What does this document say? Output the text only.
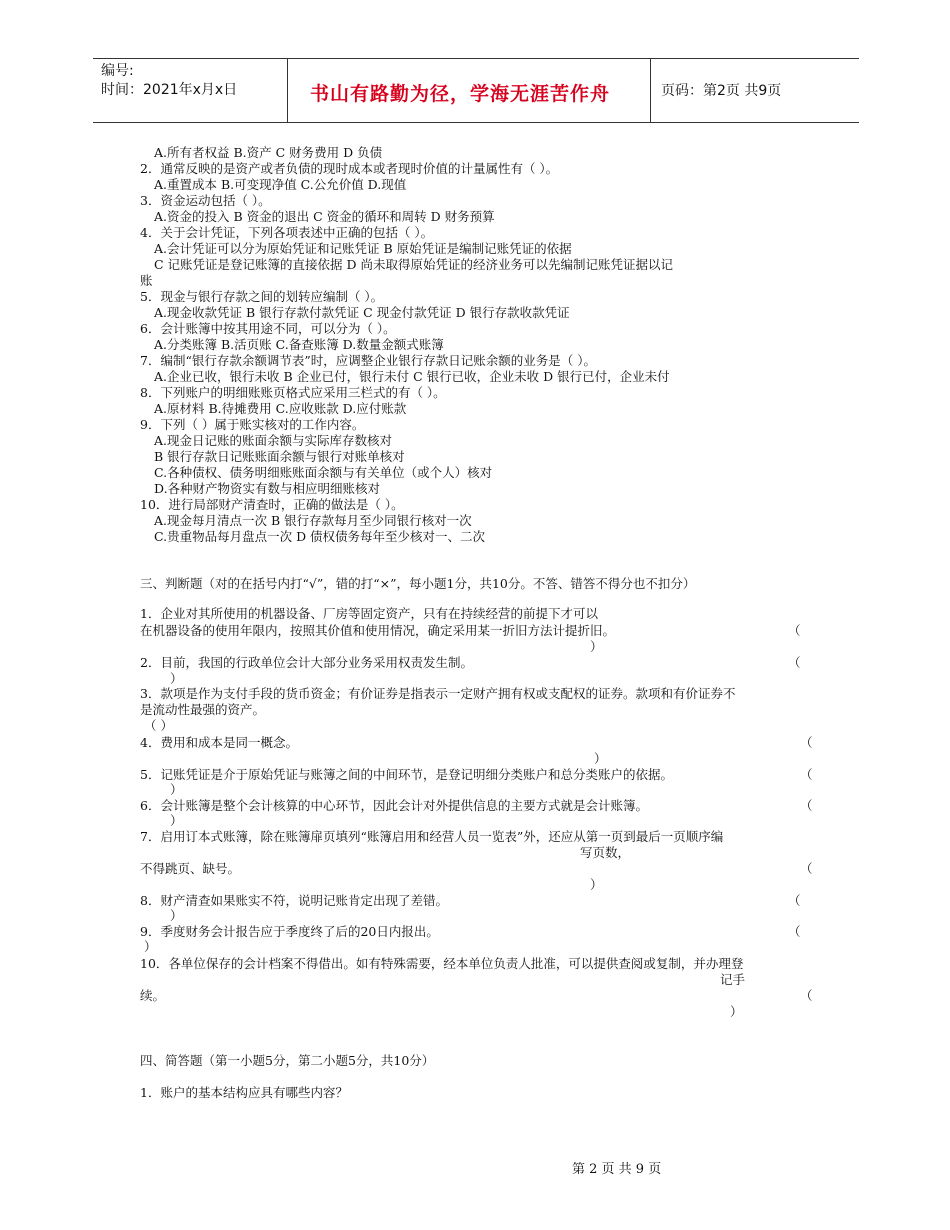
编号:
时间：2021年x月x日	书山有路勤为径，学海无涯苦作舟	页码：第2页 共9页
A.所有者权益 B.资产 C 财务费用 D 负债
2．通常反映的是资产或者负债的现时成本或者现时价值的计量属性有（ ）。
A.重置成本 B.可变现净值 C.公允价值 D.现值
3．资金运动包括（ ）。
A.资金的投入 B 资金的退出 C 资金的循环和周转 D 财务预算
4．关于会计凭证，下列各项表述中正确的包括（ ）。
A.会计凭证可以分为原始凭证和记账凭证 B 原始凭证是编制记账凭证的依据
C 记账凭证是登记账簿的直接依据 D 尚未取得原始凭证的经济业务可以先编制记账凭证据以记
账
5．现金与银行存款之间的划转应编制（ ）。
A.现金收款凭证 B 银行存款付款凭证 C 现金付款凭证 D 银行存款收款凭证
6．会计账簿中按其用途不同，可以分为（ ）。
A.分类账簿 B.活页账 C.备查账簿 D.数量金额式账簿
7．编制“银行存款余额调节表”时，应调整企业银行存款日记账余额的业务是（ ）。
A.企业已收，银行未收 B 企业已付，银行未付 C 银行已收，企业未收 D 银行已付，企业未付
8．下列账户的明细账账页格式应采用三栏式的有（ ）。
A.原材料 B.待摊费用 C.应收账款 D.应付账款
9．下列（ ）属于账实核对的工作内容。
A.现金日记账的账面余额与实际库存数核对
B 银行存款日记账账面余额与银行对账单核对
C.各种债权、债务明细账账面余额与有关单位（或个人）核对
D.各种财产物资实有数与相应明细账核对
10．进行局部财产清查时，正确的做法是（ ）。
A.现金每月清点一次 B 银行存款每月至少同银行核对一次
C.贵重物品每月盘点一次 D 债权债务每年至少核对一、二次
三、判断题（对的在括号内打“√”，错的打“×”，每小题1分，共10分。不答、错答不得分也不扣分）
1．企业对其所使用的机器设备、厂房等固定资产，只有在持续经营的前提下才可以
在机器设备的使用年限内，按照其价值和使用情况，确定采用某一折旧方法计提折旧。	（
）
2．目前，我国的行政单位会计大部分业务采用权责发生制。	（
）
3．款项是作为支付手段的货币资金；有价证券是指表示一定财产拥有权或支配权的证券。款项和有价证券不
是流动性最强的资产。
（ ）
4．费用和成本是同一概念。	（
）
5．记账凭证是介于原始凭证与账簿之间的中间环节，是登记明细分类账户和总分类账户的依据。	（
）
6．会计账簿是整个会计核算的中心环节，因此会计对外提供信息的主要方式就是会计账簿。	（
）
7．启用订本式账簿，除在账簿扉页填列“账簿启用和经营人员一览表”外，还应从第一页到最后一页顺序编
写页数，
不得跳页、缺号。	（
）
8．财产清查如果账实不符，说明记账肯定出现了差错。	（
）
9．季度财务会计报告应于季度终了后的20日内报出。	（
）
10．各单位保存的会计档案不得借出。如有特殊需要，经本单位负责人批准，可以提供查阅或复制，并办理登
记手
续。	（
）
四、简答题（第一小题5分，第二小题5分，共10分）
1．账户的基本结构应具有哪些内容？
第 2 页 共 9 页
